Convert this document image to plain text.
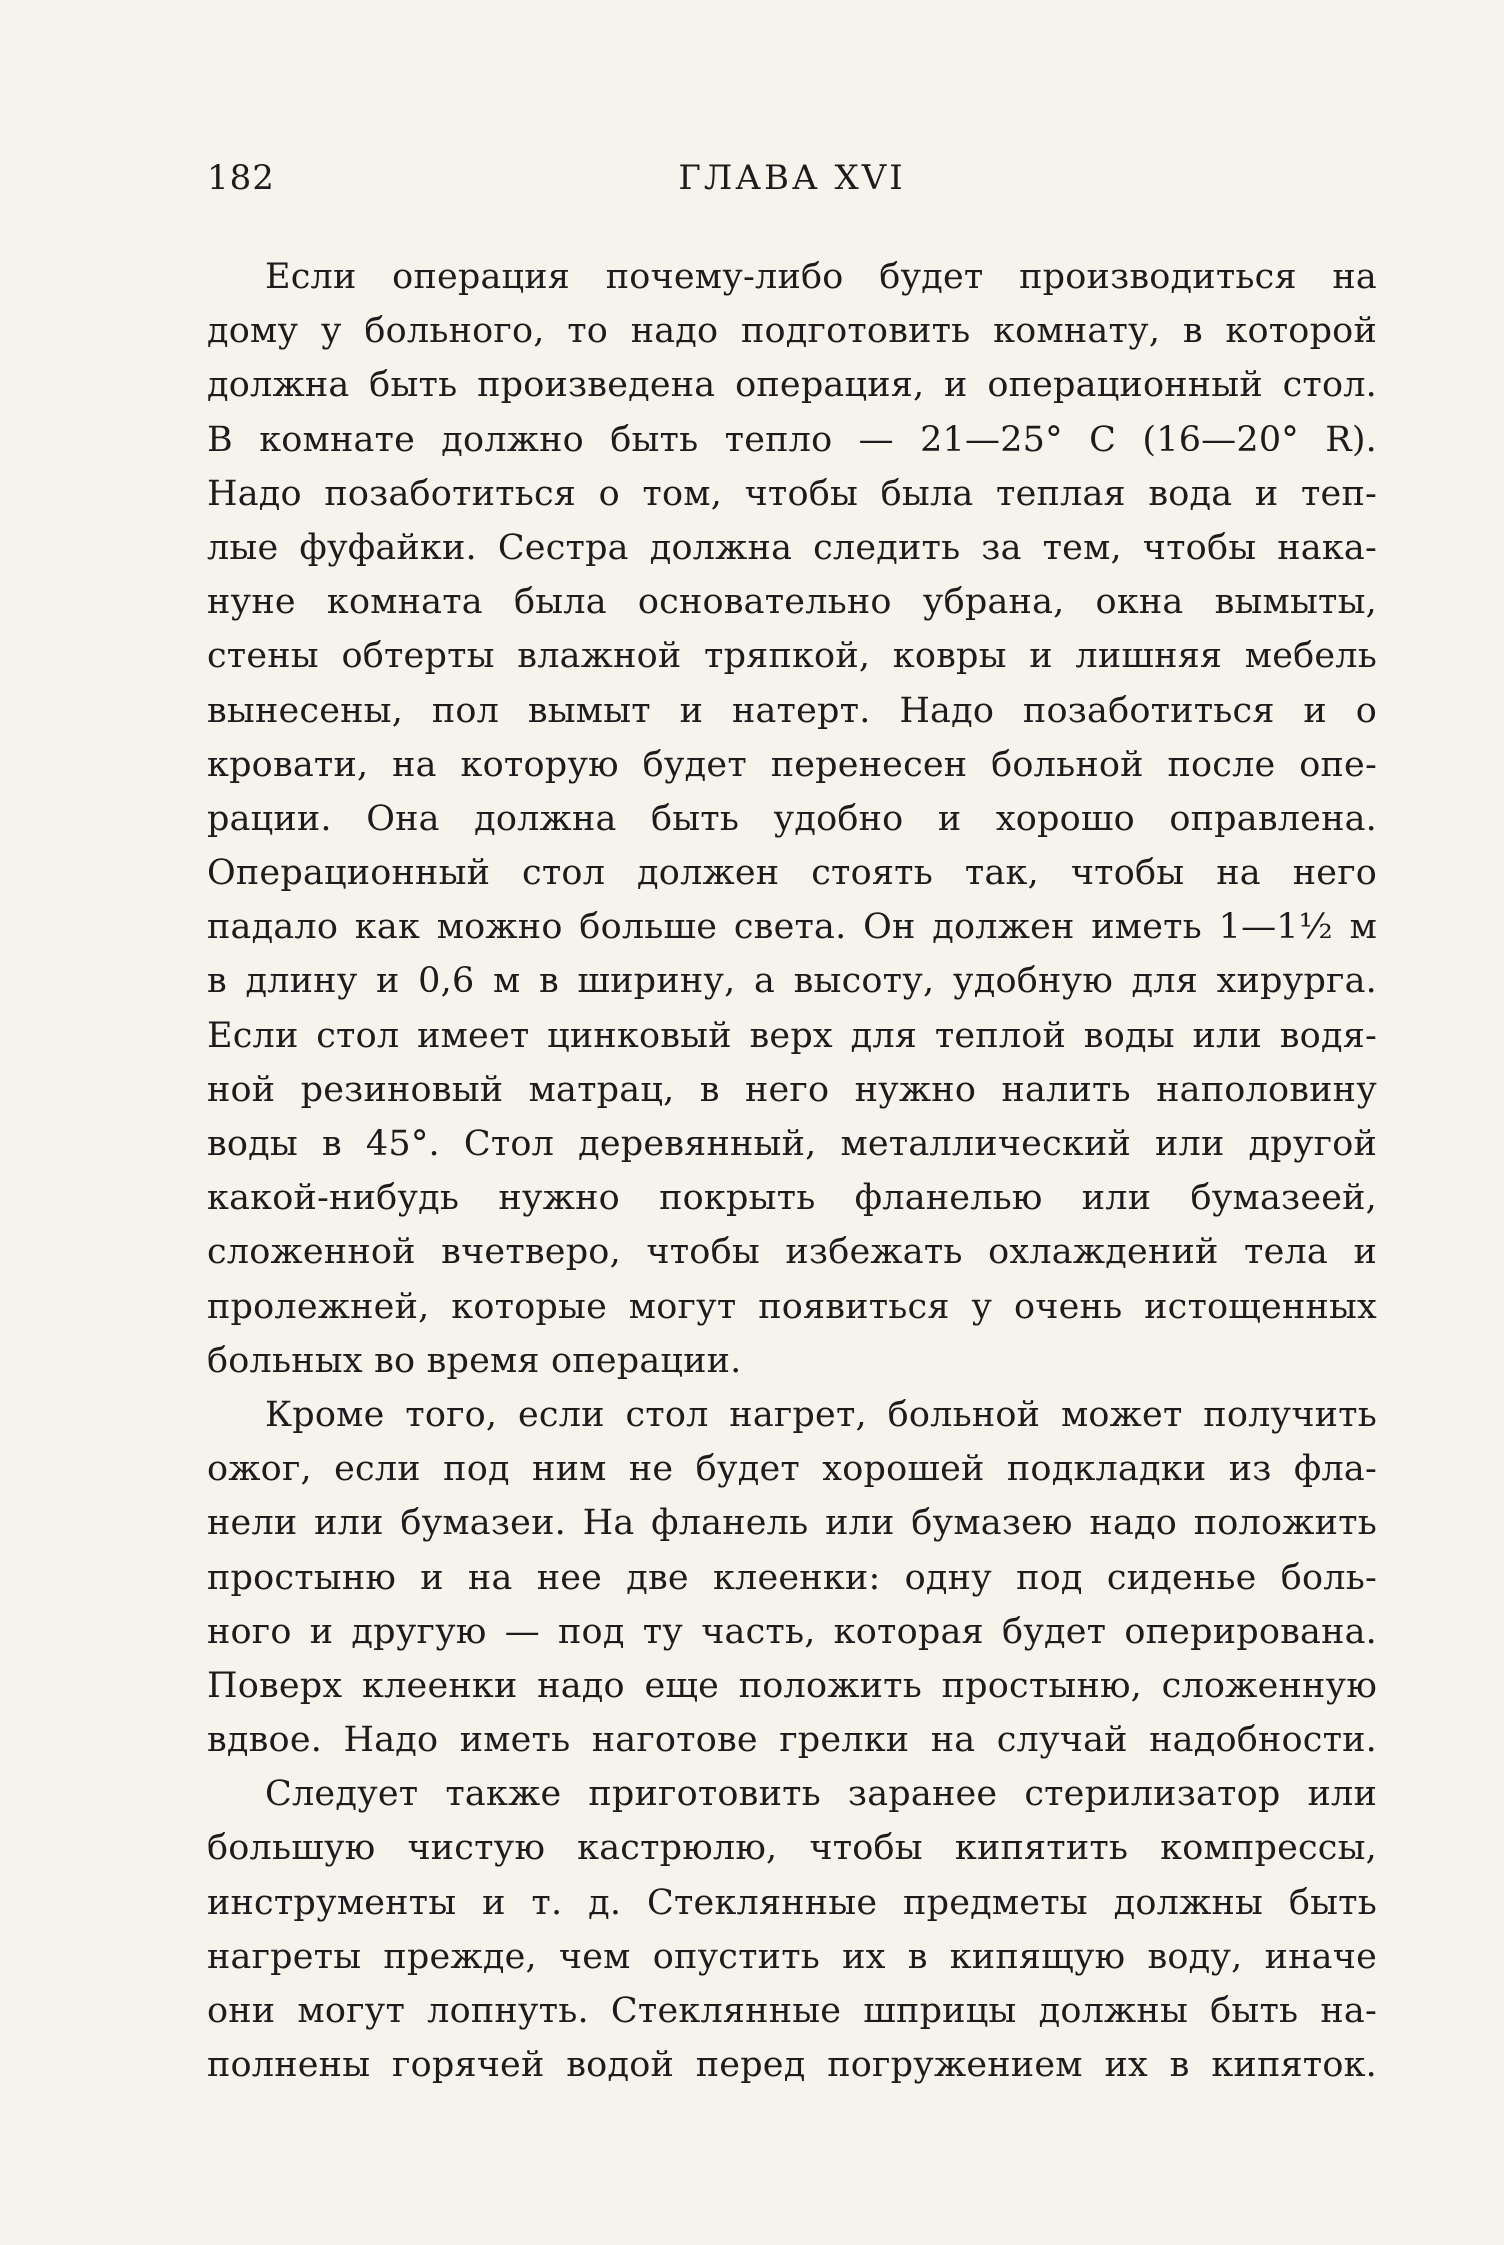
182	ГЛАВА XVI
Если операция почему-либо будет производиться на
дому у больного, то надо подготовить комнату, в которой
должна быть произведена операция, и операционный стол.
В комнате должно быть тепло — 21—25° С (16—20° R).
Надо позаботиться о том, чтобы была теплая вода и теп-
лые фуфайки. Сестра должна следить за тем, чтобы нака-
нуне комната была основательно убрана, окна вымыты,
стены обтерты влажной тряпкой, ковры и лишняя мебель
вынесены, пол вымыт и натерт. Надо позаботиться и о
кровати, на которую будет перенесен больной после опе-
рации. Она должна быть удобно и хорошо оправлена.
Операционный стол должен стоять так, чтобы на него
падало как можно больше света. Он должен иметь 1—1½ м
в длину и 0,6 м в ширину, а высоту, удобную для хирурга.
Если стол имеет цинковый верх для теплой воды или водя-
ной резиновый матрац, в него нужно налить наполовину
воды в 45°. Стол деревянный, металлический или другой
какой-нибудь нужно покрыть фланелью или бумазеей,
сложенной вчетверо, чтобы избежать охлаждений тела и
пролежней, которые могут появиться у очень истощенных
больных во время операции.
Кроме того, если стол нагрет, больной может получить
ожог, если под ним не будет хорошей подкладки из фла-
нели или бумазеи. На фланель или бумазею надо положить
простыню и на нее две клеенки: одну под сиденье боль-
ного и другую — под ту часть, которая будет оперирована.
Поверх клеенки надо еще положить простыню, сложенную
вдвое. Надо иметь наготове грелки на случай надобности.
Следует также приготовить заранее стерилизатор или
большую чистую кастрюлю, чтобы кипятить компрессы,
инструменты и т. д. Стеклянные предметы должны быть
нагреты прежде, чем опустить их в кипящую воду, иначе
они могут лопнуть. Стеклянные шприцы должны быть на-
полнены горячей водой перед погружением их в кипяток.
